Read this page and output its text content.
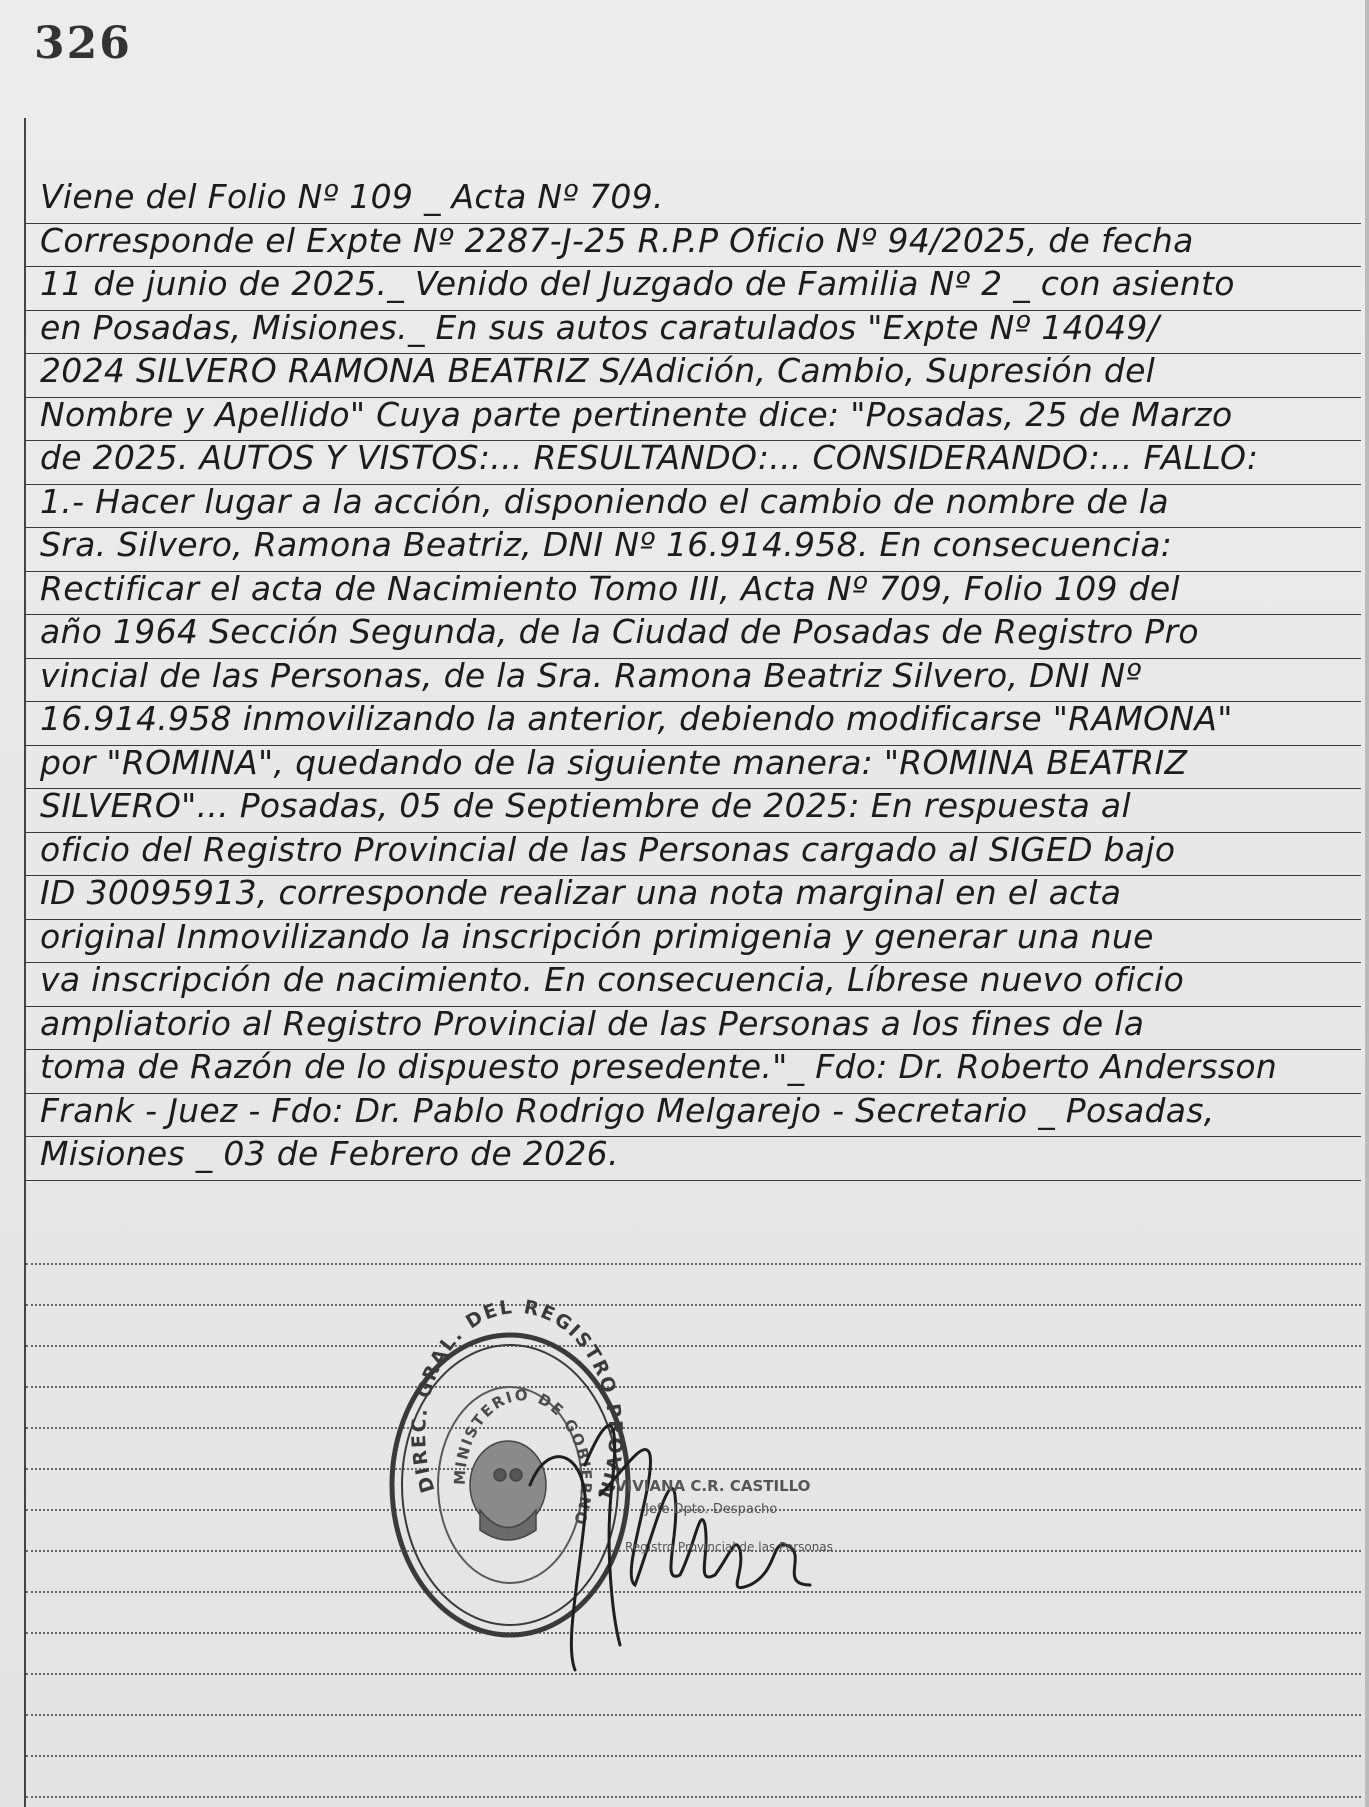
326
Viene del Folio Nº 109 _ Acta Nº 709.
Corresponde el Expte Nº 2287-J-25 R.P.P Oficio Nº 94/2025, de fecha
11 de junio de 2025._ Venido del Juzgado de Familia Nº 2 _ con asiento
en Posadas, Misiones._ En sus autos caratulados "Expte Nº 14049/
2024 SILVERO RAMONA BEATRIZ S/Adición, Cambio, Supresión del
Nombre y Apellido" Cuya parte pertinente dice: "Posadas, 25 de Marzo
de 2025. AUTOS Y VISTOS:... RESULTANDO:... CONSIDERANDO:... FALLO:
1.- Hacer lugar a la acción, disponiendo el cambio de nombre de la
Sra. Silvero, Ramona Beatriz, DNI Nº 16.914.958. En consecuencia:
Rectificar el acta de Nacimiento Tomo III, Acta Nº 709, Folio 109 del
año 1964 Sección Segunda, de la Ciudad de Posadas de Registro Pro
vincial de las Personas, de la Sra. Ramona Beatriz Silvero, DNI Nº
16.914.958 inmovilizando la anterior, debiendo modificarse "RAMONA"
por "ROMINA", quedando de la siguiente manera: "ROMINA BEATRIZ
SILVERO"... Posadas, 05 de Septiembre de 2025: En respuesta al
oficio del Registro Provincial de las Personas cargado al SIGED bajo
ID 30095913, corresponde realizar una nota marginal en el acta
original Inmovilizando la inscripción primigenia y generar una nue
va inscripción de nacimiento. En consecuencia, Líbrese nuevo oficio
ampliatorio al Registro Provincial de las Personas a los fines de la
toma de Razón de lo dispuesto presedente."_ Fdo: Dr. Roberto Andersson
Frank - Juez - Fdo: Dr. Pablo Rodrigo Melgarejo - Secretario _ Posadas,
Misiones _ 03 de Febrero de 2026.
DIREC. GRAL. DEL REGISTRO PROVIN
MINISTERIO DE GOBIERNO
VIVIANA C.R. CASTILLO
Jefe Dpto. Despacho
Registro Provincial de las Personas
